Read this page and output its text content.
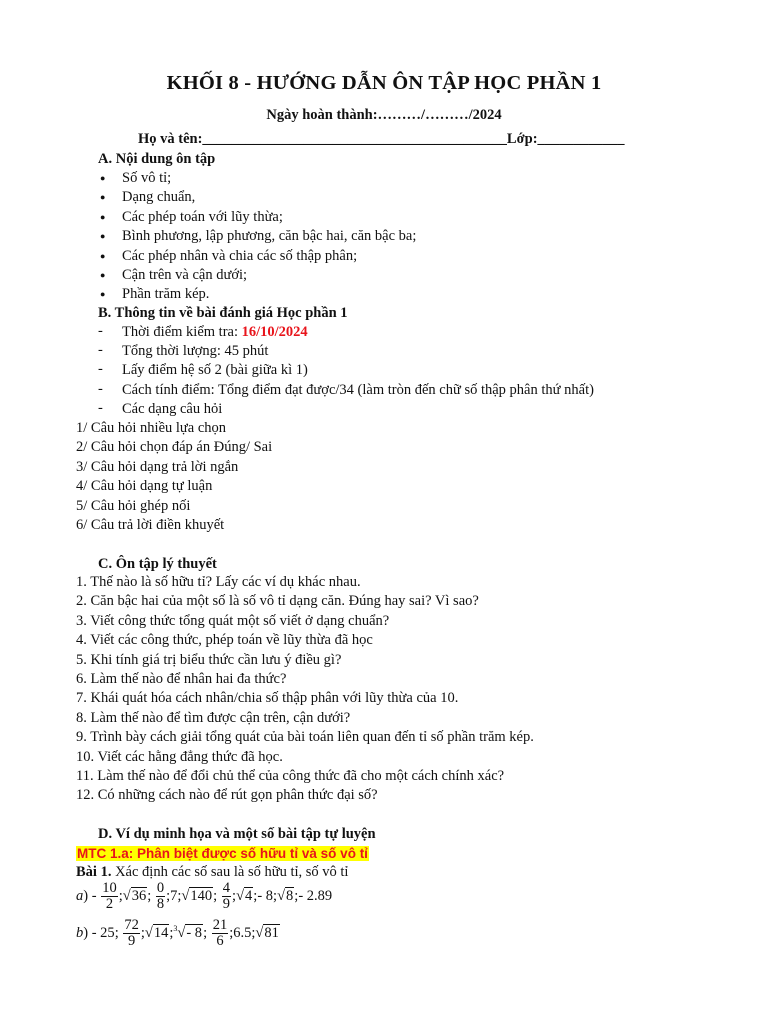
KHỐI 8 - HƯỚNG DẪN ÔN TẬP HỌC PHẦN 1
Ngày hoàn thành:………/………/2024
Họ và tên:__________________________________________Lớp:____________
A. Nội dung ôn tập
● Số vô tỉ;
● Dạng chuẩn,
● Các phép toán với lũy thừa;
● Bình phương, lập phương, căn bậc hai, căn bậc ba;
● Các phép nhân và chia các số thập phân;
● Cận trên và cận dưới;
● Phần trăm kép.
B. Thông tin về bài đánh giá Học phần 1
- Thời điểm kiểm tra: 16/10/2024
- Tổng thời lượng: 45 phút
- Lấy điểm hệ số 2 (bài giữa kì 1)
- Cách tính điểm: Tổng điểm đạt được/34 (làm tròn đến chữ số thập phân thứ nhất)
- Các dạng câu hỏi
1/ Câu hỏi nhiều lựa chọn
2/ Câu hỏi chọn đáp án Đúng/ Sai
3/ Câu hỏi dạng trả lời ngắn
4/ Câu hỏi dạng tự luận
5/ Câu hỏi ghép nối
6/ Câu trả lời điền khuyết
C. Ôn tập lý thuyết
1. Thế nào là số hữu tỉ? Lấy các ví dụ khác nhau.
2. Căn bậc hai của một số là số vô tỉ dạng căn. Đúng hay sai? Vì sao?
3. Viết công thức tổng quát một số viết ở dạng chuẩn?
4. Viết các công thức, phép toán về lũy thừa đã học
5. Khi tính giá trị biểu thức cần lưu ý điều gì?
6. Làm thế nào để nhân hai đa thức?
7. Khái quát hóa cách nhân/chia số thập phân với lũy thừa của 10.
8. Làm thế nào để tìm được cận trên, cận dưới?
9. Trình bày cách giải tổng quát của bài toán liên quan đến tỉ số phần trăm kép.
10. Viết các hằng đẳng thức đã học.
11. Làm thế nào để đổi chủ thể của công thức đã cho một cách chính xác?
12. Có những cách nào để rút gọn phân thức đại số?
D. Ví dụ minh họa và một số bài tập tự luyện
MTC 1.a: Phân biệt được số hữu tỉ và số vô tỉ
Bài 1. Xác định các số sau là số hữu tỉ, số vô tỉ
$a) - \frac{10}{2}$ ;√36; $\frac{0}{8}$ ;7;√140; $\frac{4}{9}$ ;√4;- 8;√8;- 2.89
b) - 25; $\frac{72}{9}$ ;√14;$^3$√- 8; $\frac{21}{6}$ ;6.5;√81
